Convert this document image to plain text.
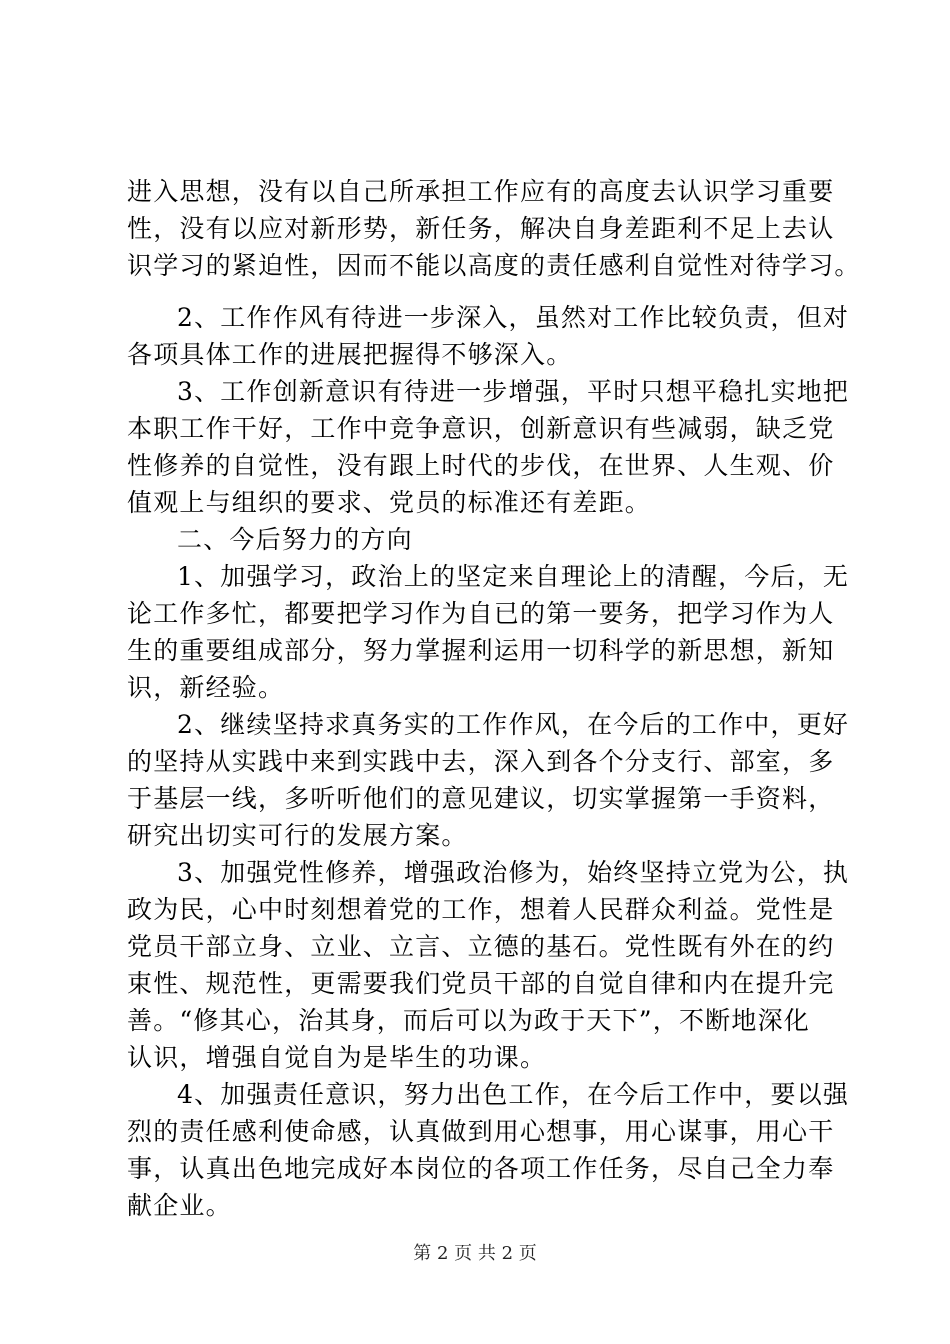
进入思想，没有以自己所承担工作应有的高度去认识学习重要
性，没有以应对新形势，新任务，解决自身差距利不足上去认
识学习的紧迫性，因而不能以高度的责任感利自觉性对待学习。
2、工作作风有待进一步深入，虽然对工作比较负责，但对
各项具体工作的进展把握得不够深入。
3、工作创新意识有待进一步增强，平时只想平稳扎实地把
本职工作干好，工作中竞争意识，创新意识有些减弱，缺乏党
性修养的自觉性，没有跟上时代的步伐，在世界、人生观、价
值观上与组织的要求、党员的标准还有差距。
二、今后努力的方向
1、加强学习，政治上的坚定来自理论上的清醒，今后，无
论工作多忙，都要把学习作为自已的第一要务，把学习作为人
生的重要组成部分，努力掌握利运用一切科学的新思想，新知
识，新经验。
2、继续坚持求真务实的工作作风，在今后的工作中，更好
的坚持从实践中来到实践中去，深入到各个分支行、部室，多
于基层一线，多听听他们的意见建议，切实掌握第一手资料，
研究出切实可行的发展方案。
3、加强党性修养，增强政治修为，始终坚持立党为公，执
政为民，心中时刻想着党的工作，想着人民群众利益。党性是
党员干部立身、立业、立言、立德的基石。党性既有外在的约
束性、规范性，更需要我们党员干部的自觉自律和内在提升完
善。“修其心，治其身，而后可以为政于天下”，不断地深化
认识，增强自觉自为是毕生的功课。
4、加强责任意识，努力出色工作，在今后工作中，要以强
烈的责任感利使命感，认真做到用心想事，用心谋事，用心干
事，认真出色地完成好本岗位的各项工作任务，尽自己全力奉
献企业。
第 2 页 共 2 页
